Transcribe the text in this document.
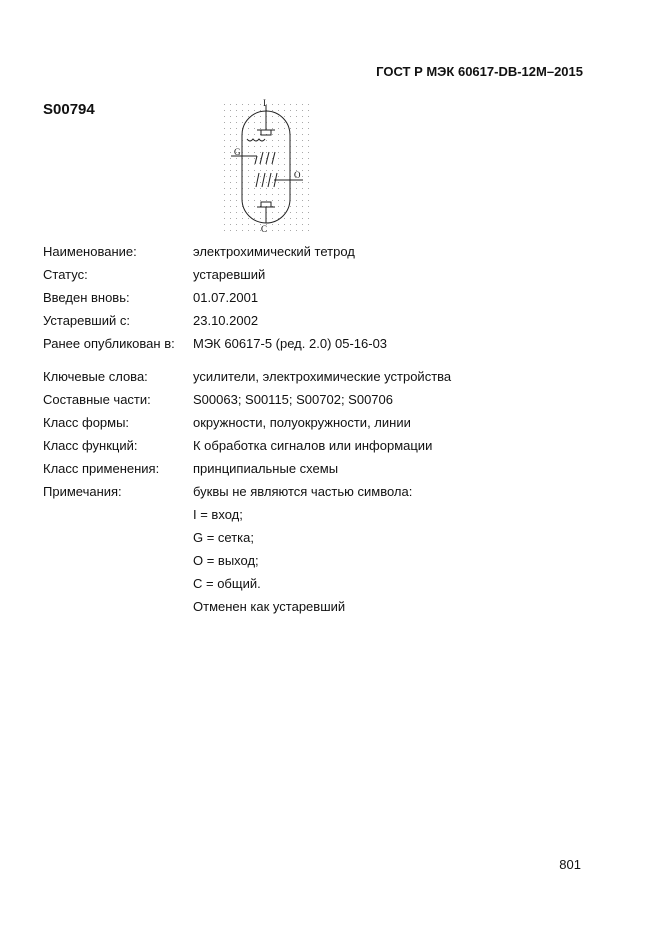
ГОСТ Р МЭК 60617-DB-12M–2015
S00794	I
G
O
C
Наименование:	электрохимический тетрод
Статус:	устаревший
Введен вновь:	01.07.2001
Устаревший с:	23.10.2002
Ранее опубликован в: МЭК 60617-5 (ред. 2.0) 05-16-03
Ключевые слова:	усилители, электрохимические устройства
Составные части:	S00063; S00115; S00702; S00706
Класс формы:	окружности, полуокружности, линии
Класс функций:	К обработка сигналов или информации
Класс применения:	принципиальные схемы
Примечания:	буквы не являются частью символа:
I = вход;
G = сетка;
O = выход;
C = общий.
Отменен как устаревший
801
